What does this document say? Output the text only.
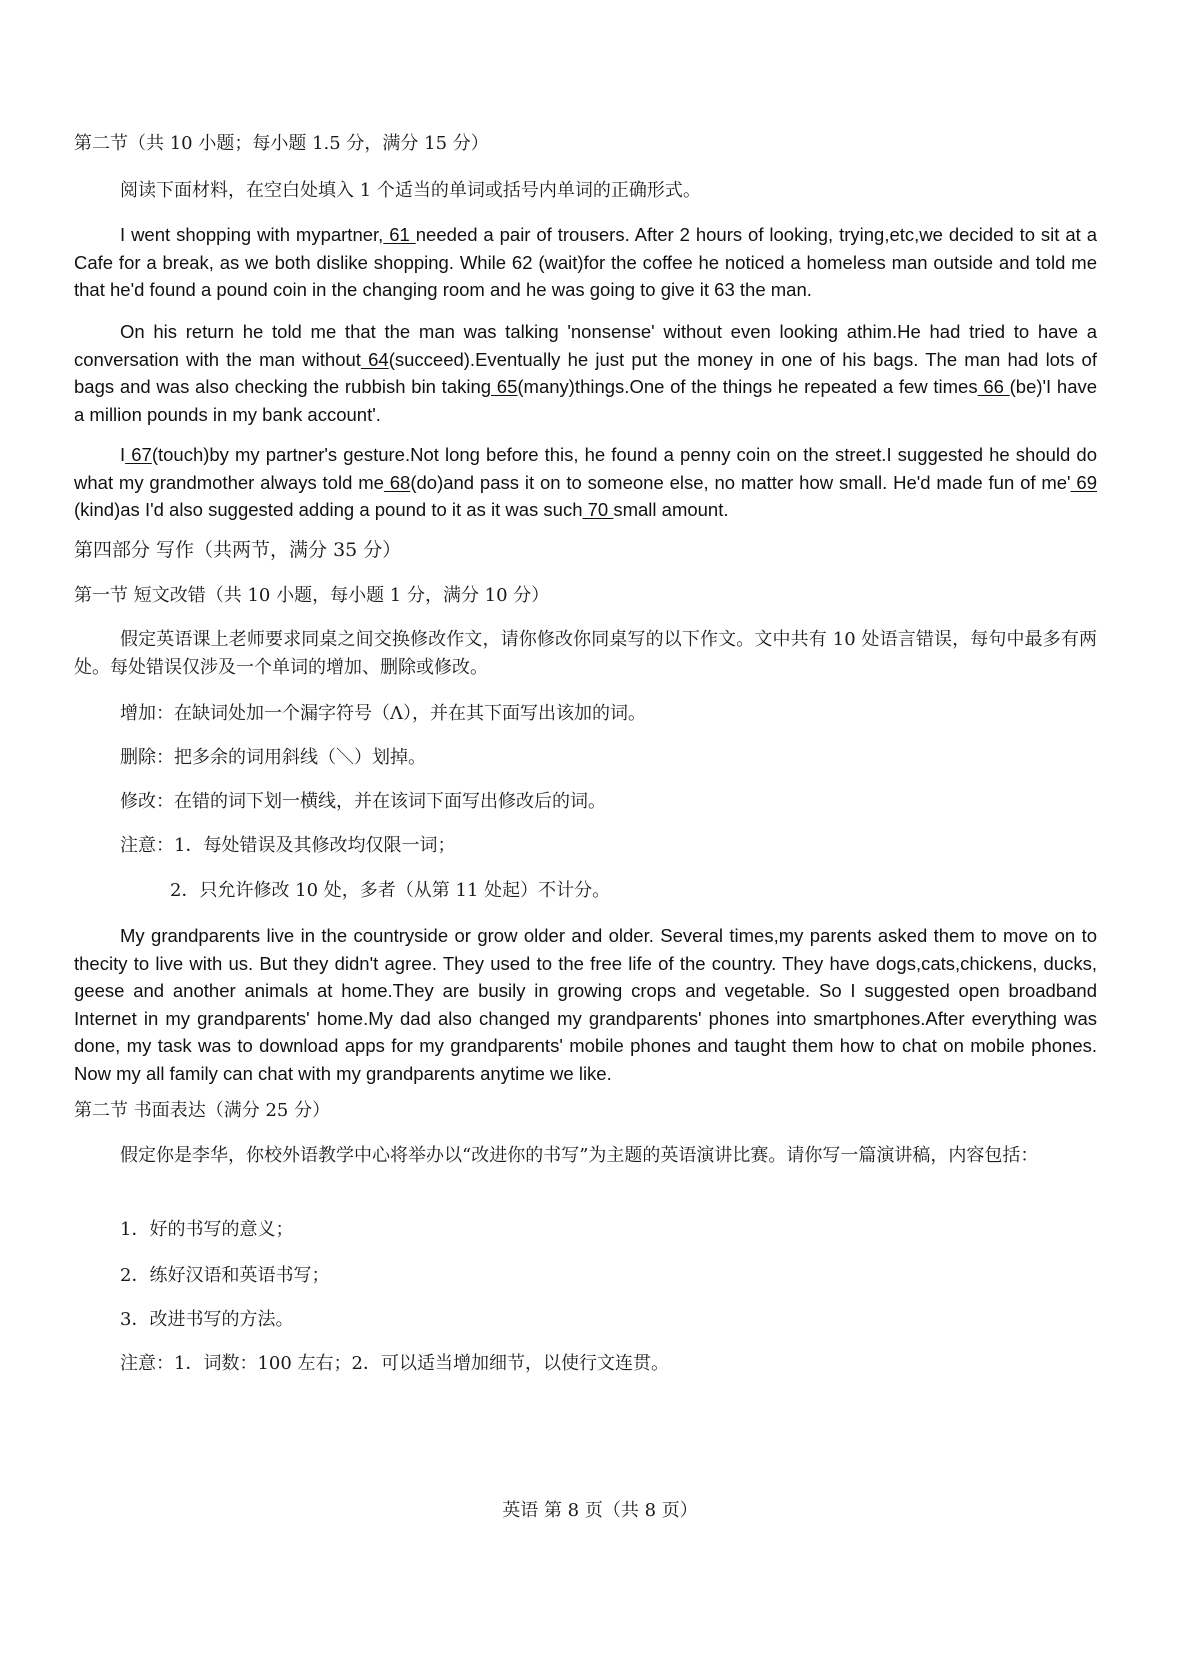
第二节（共 10 小题；每小题 1.5 分，满分 15 分）

阅读下面材料，在空白处填入 1 个适当的单词或括号内单词的正确形式。

I went shopping with mypartner, 61 needed a pair of trousers. After 2 hours of looking, trying,etc,we decided to sit at a Cafe for a break, as we both dislike shopping. While 62 (wait)for the coffee he noticed a homeless man outside and told me that he'd found a pound coin in the changing room and he was going to give it 63 the man.

On his return he told me that the man was talking 'nonsense' without even looking athim.He had tried to have a conversation with the man without 64(succeed).Eventually he just put the money in one of his bags. The man had lots of bags and was also checking the rubbish bin taking 65(many)things.One of the things he repeated a few times 66 (be)'I have a million pounds in my bank account'.

I 67(touch)by my partner's gesture.Not long before this, he found a penny coin on the street.I suggested he should do what my grandmother always told me 68(do)and pass it on to someone else, no matter how small. He'd made fun of me' 69 (kind)as I'd also suggested adding a pound to it as it was such 70 small amount.

第四部分 写作（共两节，满分 35 分）

第一节 短文改错（共 10 小题，每小题 1 分，满分 10 分）

假定英语课上老师要求同桌之间交换修改作文，请你修改你同桌写的以下作文。文中共有 10 处语言错误，每句中最多有两处。每处错误仅涉及一个单词的增加、删除或修改。

增加：在缺词处加一个漏字符号（Λ），并在其下面写出该加的词。

删除：把多余的词用斜线（＼）划掉。

修改：在错的词下划一横线，并在该词下面写出修改后的词。

注意：1．每处错误及其修改均仅限一词；

2．只允许修改 10 处，多者（从第 11 处起）不计分。

My grandparents live in the countryside or grow older and older. Several times,my parents asked them to move on to thecity to live with us. But they didn't agree. They used to the free life of the country. They have dogs,cats,chickens, ducks, geese and another animals at home.They are busily in growing crops and vegetable. So I suggested open broadband Internet in my grandparents' home.My dad also changed my grandparents' phones into smartphones.After everything was done, my task was to download apps for my grandparents' mobile phones and taught them how to chat on mobile phones. Now my all family can chat with my grandparents anytime we like.

第二节 书面表达（满分 25 分）

假定你是李华，你校外语教学中心将举办以“改进你的书写”为主题的英语演讲比赛。请你写一篇演讲稿，内容包括：

1．好的书写的意义；

2．练好汉语和英语书写；

3．改进书写的方法。

注意：1．词数：100 左右；2．可以适当增加细节，以使行文连贯。

英语 第 8 页（共 8 页）
